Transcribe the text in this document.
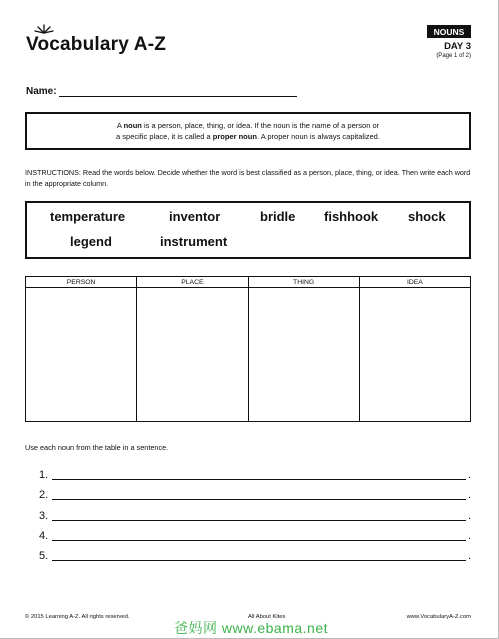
Vocabulary A-Z
NOUNS
DAY 3
(Page 1 of 2)
Name:
A noun is a person, place, thing, or idea. If the noun is the name of a person or
a specific place, it is called a proper noun. A proper noun is always capitalized.
INSTRUCTIONS: Read the words below. Decide whether the word is best classified as a person, place, thing, or idea. Then write each word in the appropriate column.
temperature	inventor	bridle fishhook shock
legend	instrument
PERSON	PLACE	THING	IDEA
Use each noun from the table in a sentence.
1.	.
2.	.
3.	.
4.	.
5.	.
© 2015 Learning A-Z. All rights reserved.	All About Kites	www.VocabularyA-Z.com
爸妈网 www.ebama.net
